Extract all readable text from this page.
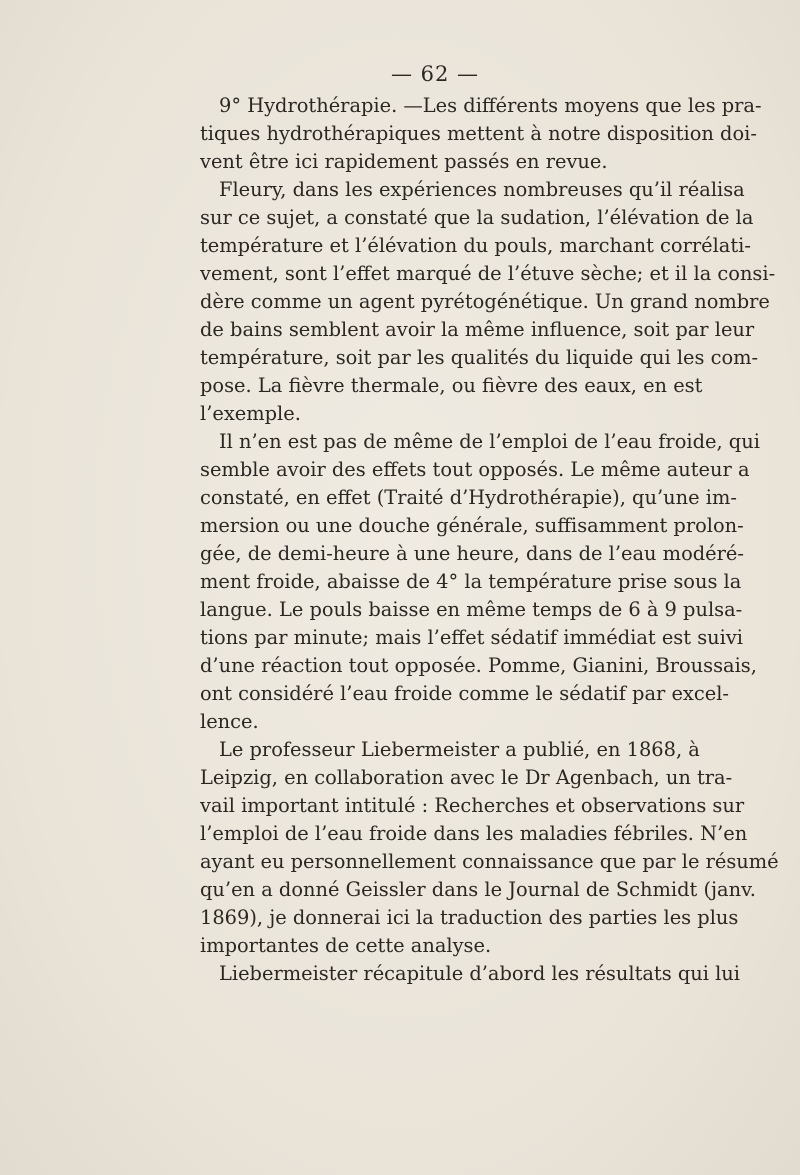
— 62 —
9° Hydrothérapie. —Les différents moyens que les pra-
tiques hydrothérapiques mettent à notre disposition doi-
vent être ici rapidement passés en revue.
Fleury, dans les expériences nombreuses qu’il réalisa
sur ce sujet, a constaté que la sudation, l’élévation de la
température et l’élévation du pouls, marchant corrélati-
vement, sont l’effet marqué de l’étuve sèche; et il la consi-
dère comme un agent pyrétogénétique. Un grand nombre
de bains semblent avoir la même influence, soit par leur
température, soit par les qualités du liquide qui les com-
pose. La fièvre thermale, ou fièvre des eaux, en est
l’exemple.
Il n’en est pas de même de l’emploi de l’eau froide, qui
semble avoir des effets tout opposés. Le même auteur a
constaté, en effet (Traité d’Hydrothérapie), qu’une im-
mersion ou une douche générale, suffisamment prolon-
gée, de demi-heure à une heure, dans de l’eau modéré-
ment froide, abaisse de 4° la température prise sous la
langue. Le pouls baisse en même temps de 6 à 9 pulsa-
tions par minute; mais l’effet sédatif immédiat est suivi
d’une réaction tout opposée. Pomme, Gianini, Broussais,
ont considéré l’eau froide comme le sédatif par excel-
lence.
Le professeur Liebermeister a publié, en 1868, à
Leipzig, en collaboration avec le Dr Agenbach, un tra-
vail important intitulé : Recherches et observations sur
l’emploi de l’eau froide dans les maladies fébriles. N’en
ayant eu personnellement connaissance que par le résumé
qu’en a donné Geissler dans le Journal de Schmidt (janv.
1869), je donnerai ici la traduction des parties les plus
importantes de cette analyse.
Liebermeister récapitule d’abord les résultats qui lui
